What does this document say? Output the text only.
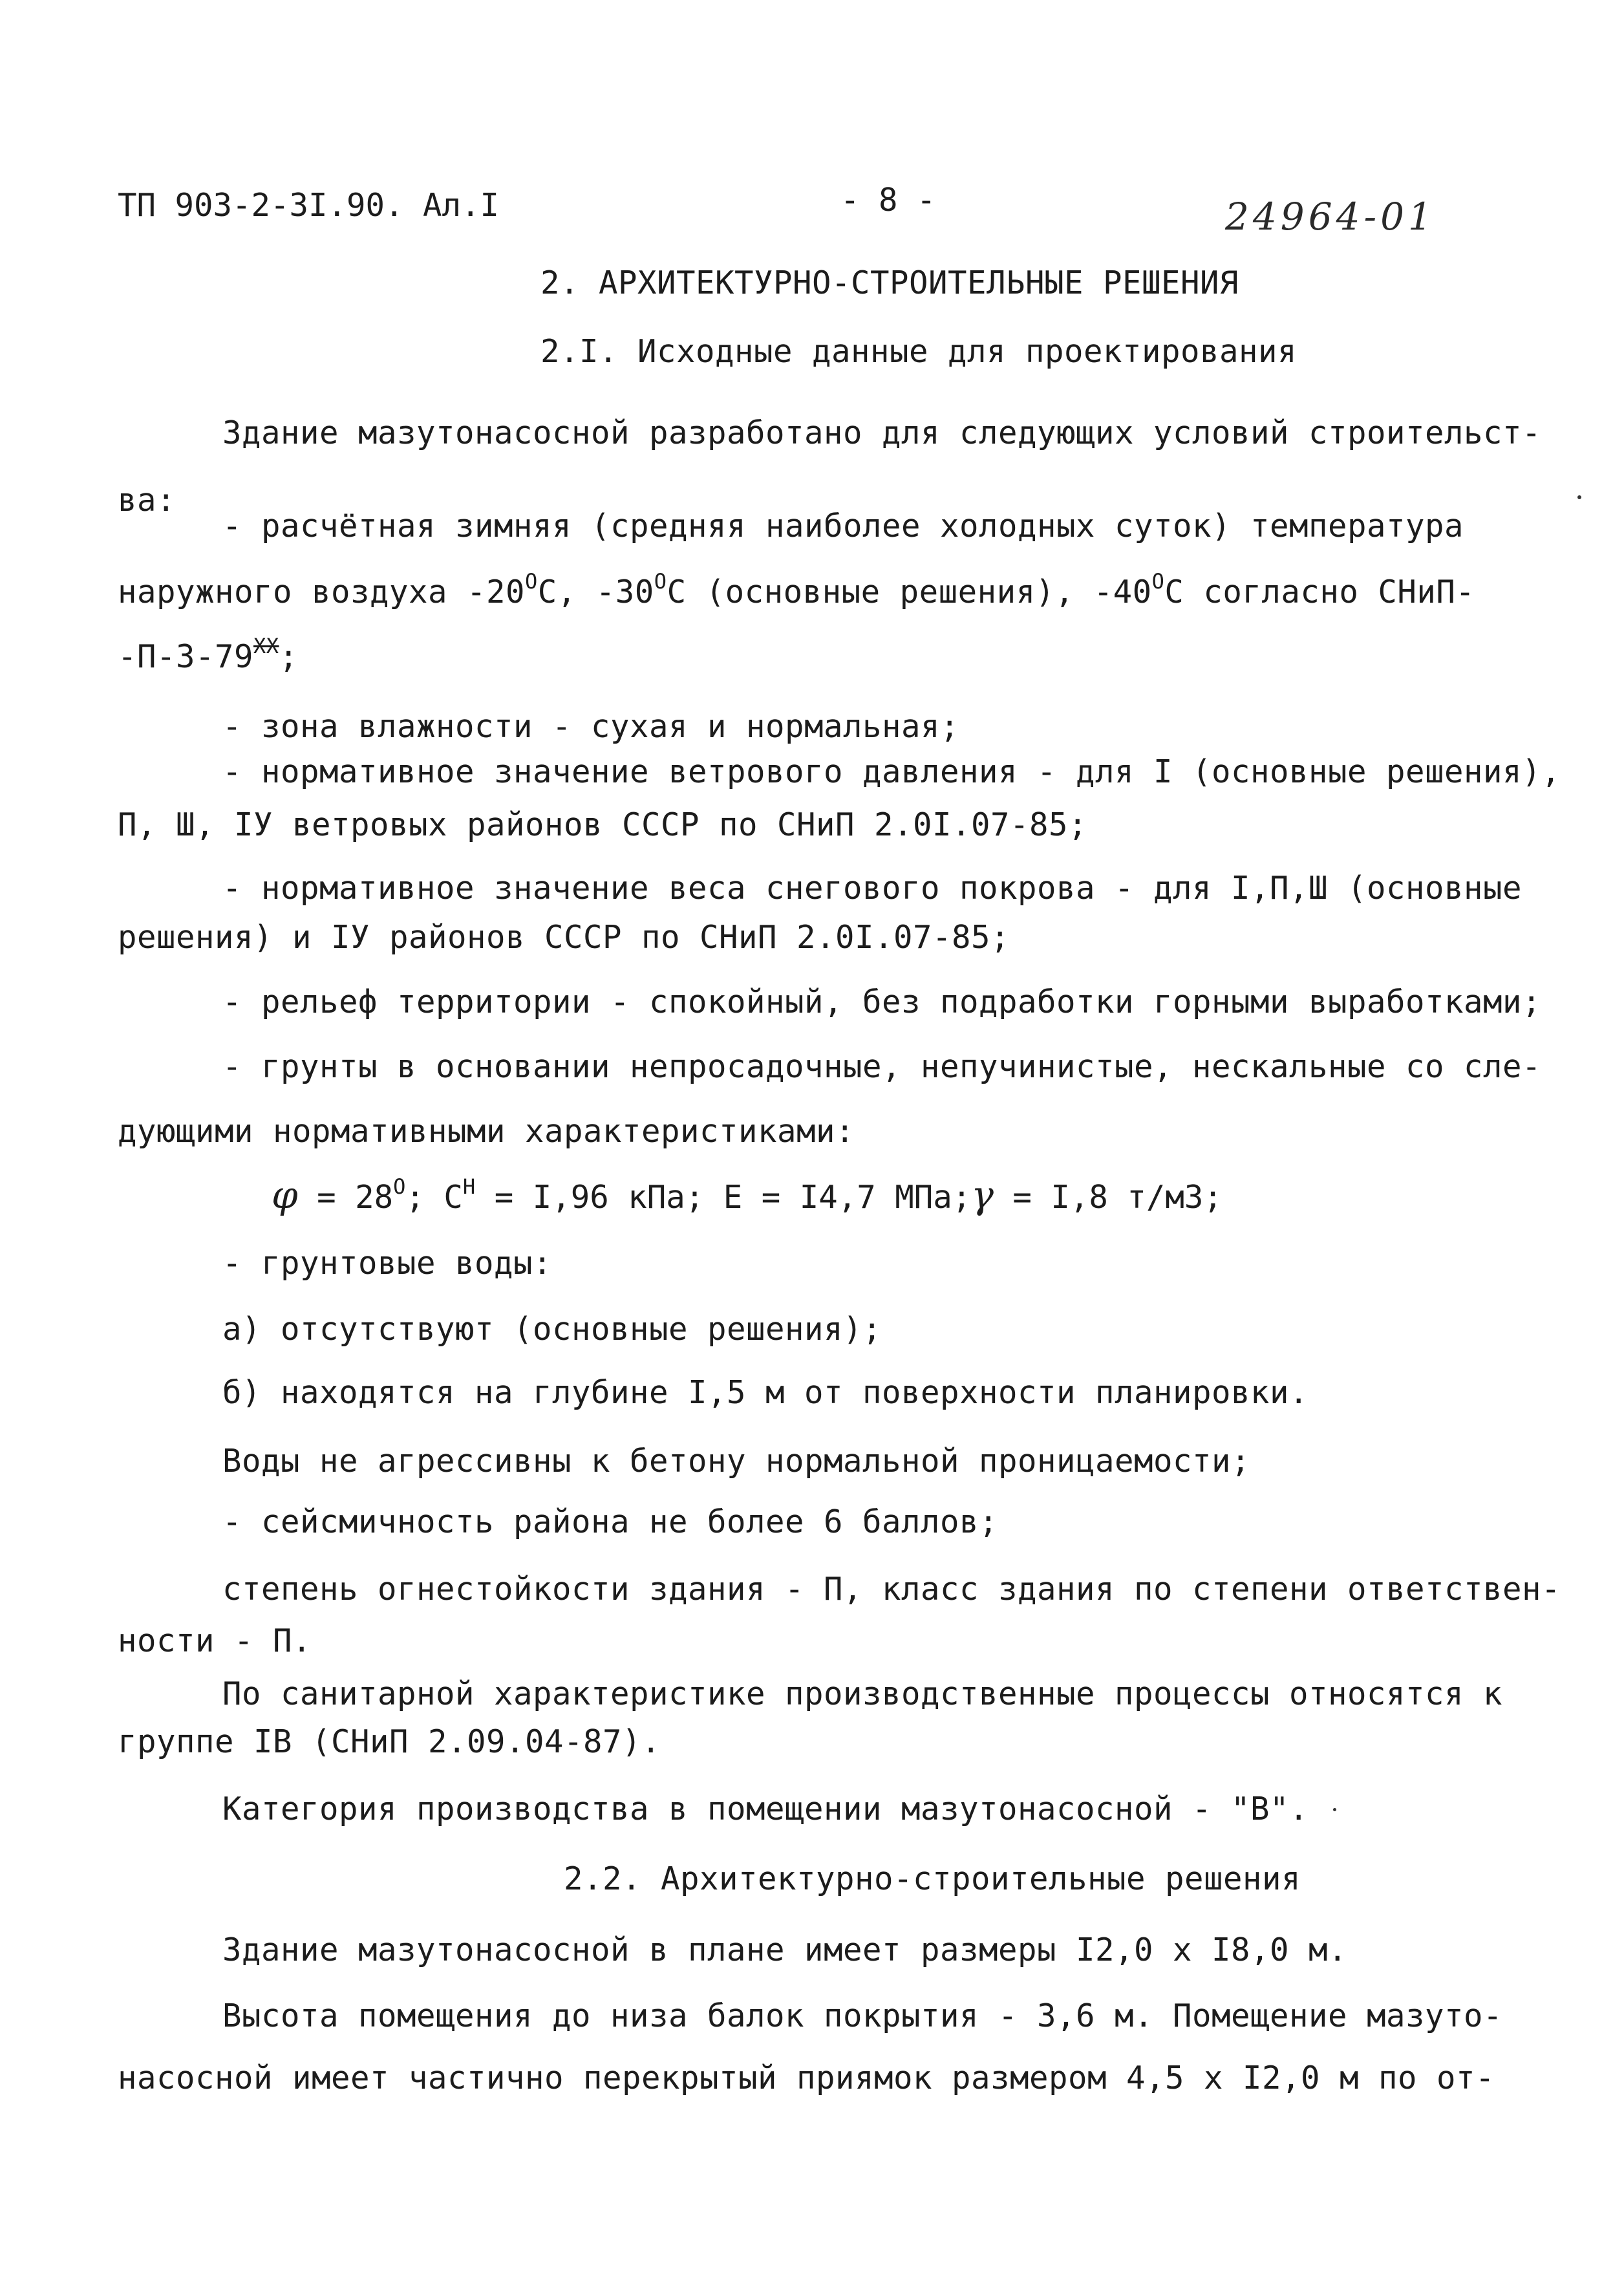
ТП 903-2-3I.90. Ал.I	- 8 -	24964-01
2. АРХИТЕКТУРНО-СТРОИТЕЛЬНЫЕ РЕШЕНИЯ
2.I. Исходные данные для проектирования
Здание мазутонасосной разработано для следующих условий строительст-
ва:
- расчётная зимняя (средняя наиболее холодных суток) температура
наружного воздуха $-20^ОС$, $-30^ОС$ (основные решения), $-40^ОС$ согласно СНиП-
$-П-3-79^{XX}$;
- зона влажности - сухая и нормальная;
- нормативное значение ветрового давления - для I (основные решения),
П, Ш, IУ ветровых районов СССР по СНиП 2.0I.07-85;
- нормативное значение веса снегового покрова - для I,П,Ш (основные
решения) и IУ районов СССР по СНиП 2.0I.07-85;
- рельеф территории - спокойный, без подработки горными выработками;
- грунты в основании непросадочные, непучинистые, нескальные со сле-
дующими нормативными характеристиками:
$\varphi = 28^О$; $C^Н = I,96$ кПа; E = I4,7 МПа;γ = I,8 т/м3;
- грунтовые воды:
а) отсутствуют (основные решения);
б) находятся на глубине I,5 м от поверхности планировки.
Воды не агрессивны к бетону нормальной проницаемости;
- сейсмичность района не более 6 баллов;
степень огнестойкости здания - П, класс здания по степени ответствен-
ности - П.
По санитарной характеристике производственные процессы относятся к
группе IВ (СНиП 2.09.04-87).
Категория производства в помещении мазутонасосной - "В".
2.2. Архитектурно-строительные решения
Здание мазутонасосной в плане имеет размеры I2,0 х I8,0 м.
Высота помещения до низа балок покрытия - 3,6 м. Помещение мазуто-
насосной имеет частично перекрытый приямок размером 4,5 х I2,0 м по от-
